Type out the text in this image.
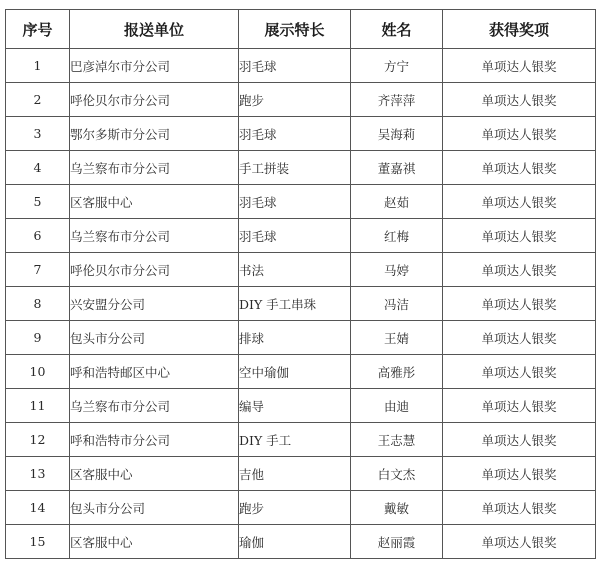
序号	报送单位	展示特长	姓名	获得奖项
1	巴彦淖尔市分公司	羽毛球	方宁	单项达人银奖
2	呼伦贝尔市分公司	跑步	齐萍萍	单项达人银奖
3	鄂尔多斯市分公司	羽毛球	吴海莉	单项达人银奖
4	乌兰察布市分公司	手工拼装	董嘉祺	单项达人银奖
5	区客服中心	羽毛球	赵茹	单项达人银奖
6	乌兰察布市分公司	羽毛球	红梅	单项达人银奖
7	呼伦贝尔市分公司	书法	马婷	单项达人银奖
8	兴安盟分公司	DIY 手工串珠	冯洁	单项达人银奖
9	包头市分公司	排球	王婧	单项达人银奖
10	呼和浩特邮区中心	空中瑜伽	高雅彤	单项达人银奖
11	乌兰察布市分公司	编导	由迪	单项达人银奖
12	呼和浩特市分公司	DIY 手工	王志慧	单项达人银奖
13	区客服中心	吉他	白文杰	单项达人银奖
14	包头市分公司	跑步	戴敏	单项达人银奖
15	区客服中心	瑜伽	赵丽霞	单项达人银奖
